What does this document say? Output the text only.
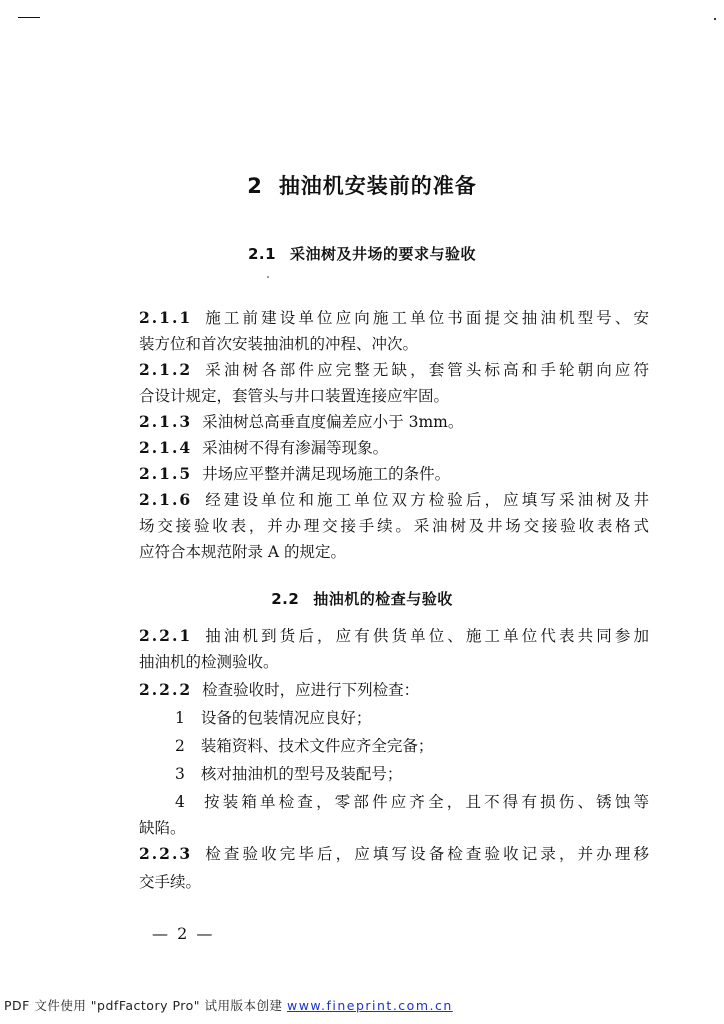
2 抽油机安装前的准备
2.1 采油树及井场的要求与验收
2.1.1 施工前建设单位应向施工单位书面提交抽油机型号、安
装方位和首次安装抽油机的冲程、冲次。
2.1.2 采油树各部件应完整无缺，套管头标高和手轮朝向应符
合设计规定，套管头与井口装置连接应牢固。
2.1.3 采油树总高垂直度偏差应小于 3mm。
2.1.4 采油树不得有渗漏等现象。
2.1.5 井场应平整并满足现场施工的条件。
2.1.6 经建设单位和施工单位双方检验后，应填写采油树及井
场交接验收表，并办理交接手续。采油树及井场交接验收表格式
应符合本规范附录 A 的规定。
2.2 抽油机的检查与验收
2.2.1 抽油机到货后，应有供货单位、施工单位代表共同参加
抽油机的检测验收。
2.2.2 检查验收时，应进行下列检查：
1 设备的包装情况应良好；
2 装箱资料、技术文件应齐全完备；
3 核对抽油机的型号及装配号；
4 按装箱单检查，零部件应齐全，且不得有损伤、锈蚀等
缺陷。
2.2.3 检查验收完毕后，应填写设备检查验收记录，并办理移
交手续。
— 2 —
PDF 文件使用 "pdfFactory Pro" 试用版本创建 www.fineprint.com.cn
